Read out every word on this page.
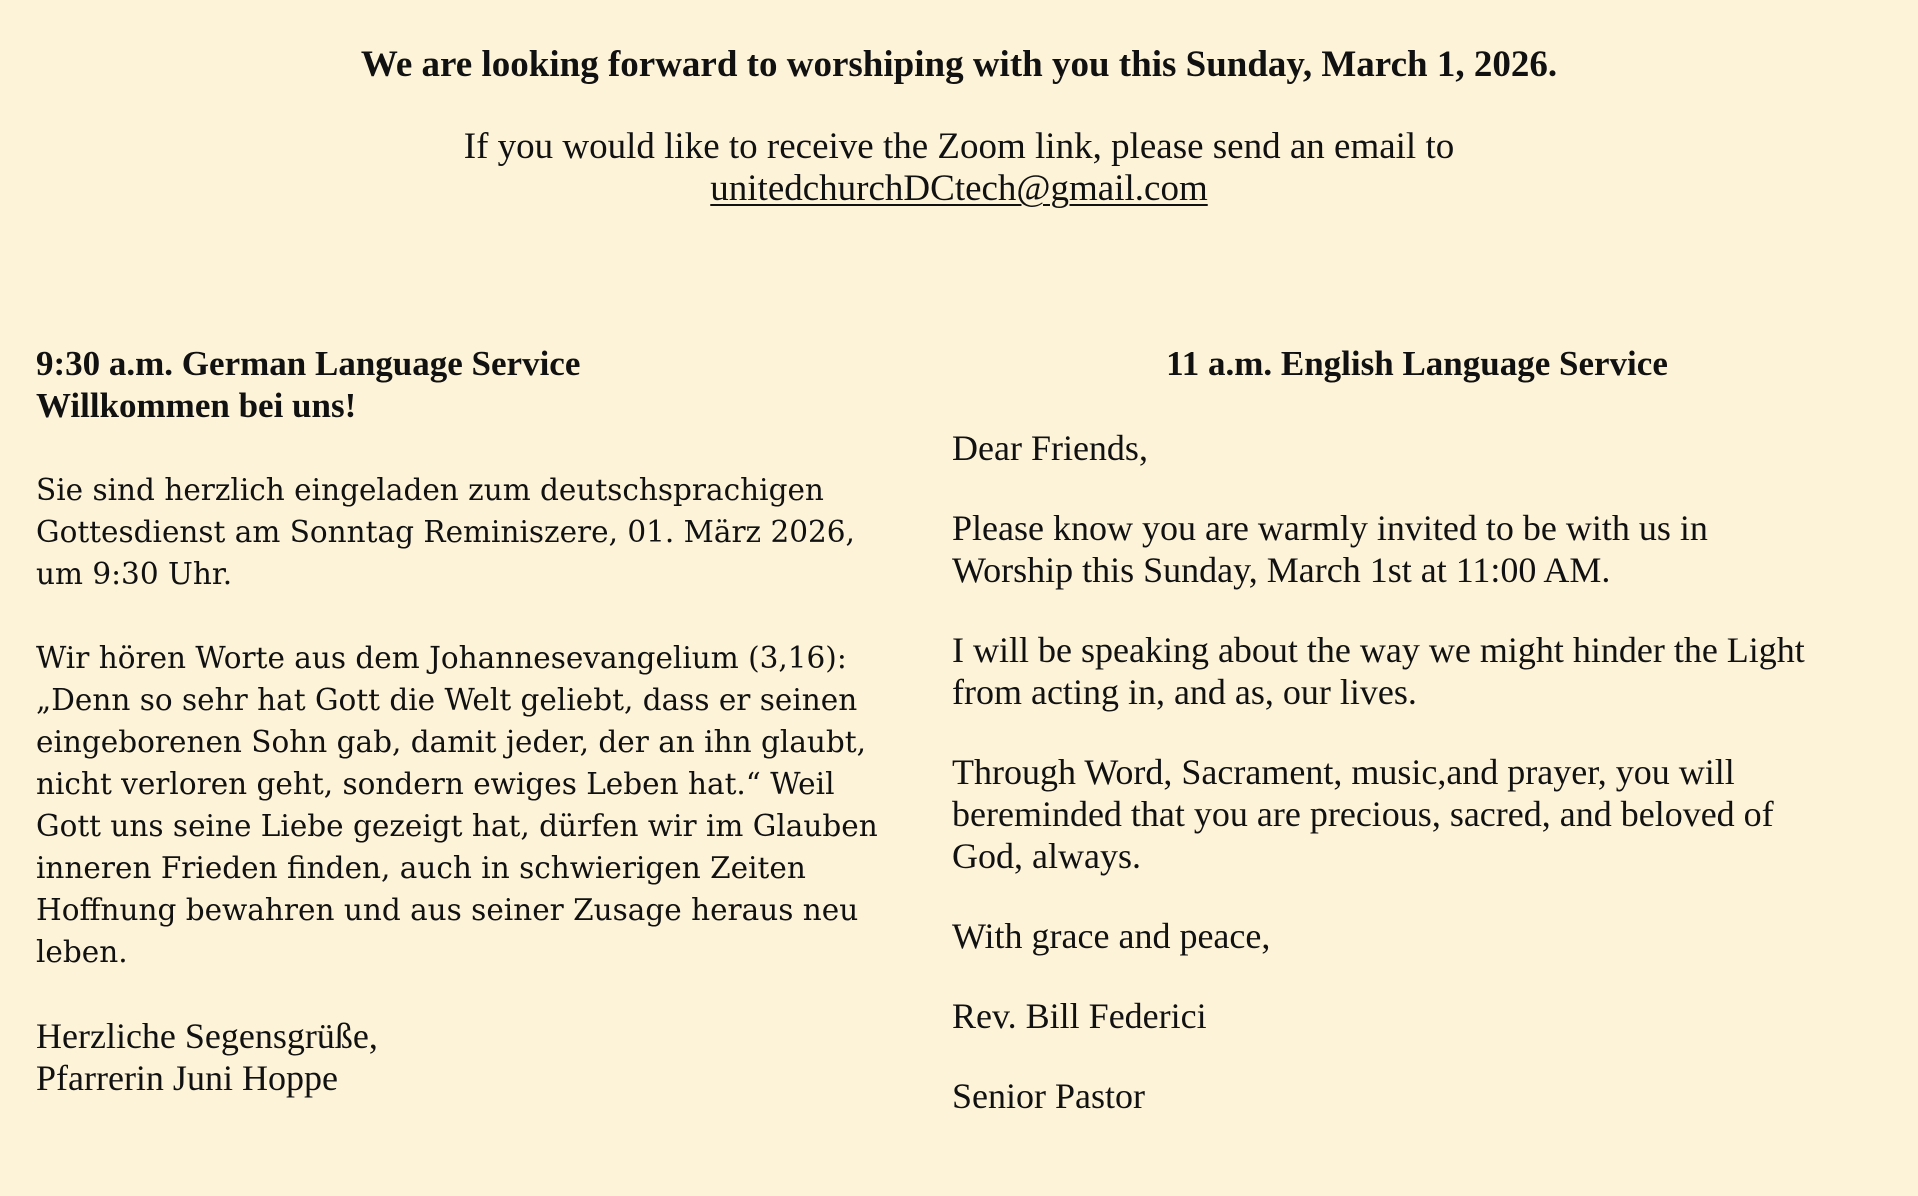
We are looking forward to worshiping with you this Sunday, March 1, 2026.

If you would like to receive the Zoom link, please send an email to
unitedchurchDCtech@gmail.com

9:30 a.m. German Language Service
Willkommen bei uns!

Sie sind herzlich eingeladen zum deutschsprachigen
Gottesdienst am Sonntag Reminiszere, 01. März 2026,
um 9:30 Uhr.

Wir hören Worte aus dem Johannesevangelium (3,16):
„Denn so sehr hat Gott die Welt geliebt, dass er seinen
eingeborenen Sohn gab, damit jeder, der an ihn glaubt,
nicht verloren geht, sondern ewiges Leben hat.“ Weil
Gott uns seine Liebe gezeigt hat, dürfen wir im Glauben
inneren Frieden finden, auch in schwierigen Zeiten
Hoffnung bewahren und aus seiner Zusage heraus neu
leben.

Herzliche Segensgrüße,
Pfarrerin Juni Hoppe

11 a.m. English Language Service

Dear Friends,

Please know you are warmly invited to be with us in
Worship this Sunday, March 1st at 11:00 AM.

I will be speaking about the way we might hinder the Light
from acting in, and as, our lives.

Through Word, Sacrament, music,and prayer, you will
bereminded that you are precious, sacred, and beloved of
God, always.

With grace and peace,

Rev. Bill Federici

Senior Pastor
